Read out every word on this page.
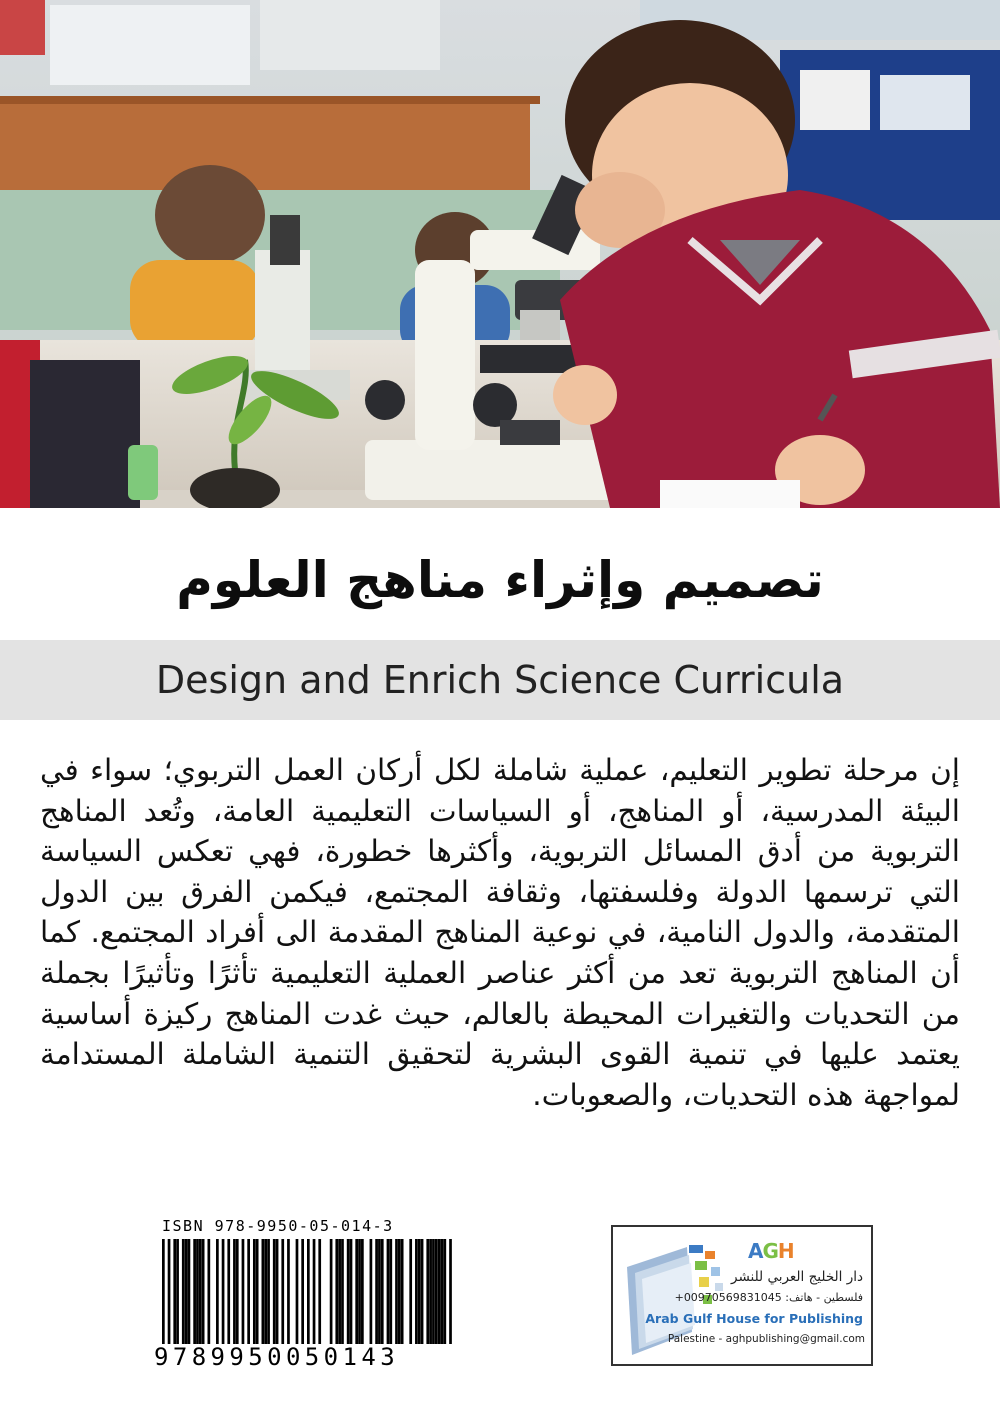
تصميم وإثراء مناهج العلوم
Design and Enrich Science Curricula

إن مرحلة تطوير التعليم، عملية شاملة لكل أركان العمل التربوي؛ سواء في البيئة المدرسية، أو المناهج، أو السياسات التعليمية العامة، وتُعد المناهج التربوية من أدق المسائل التربوية، وأكثرها خطورة، فهي تعكس السياسة التي ترسمها الدولة وفلسفتها، وثقافة المجتمع، فيكمن الفرق بين الدول المتقدمة، والدول النامية، في نوعية المناهج المقدمة الى أفراد المجتمع. كما أن المناهج التربوية تعد من أكثر عناصر العملية التعليمية تأثرًا وتأثيرًا بجملة من التحديات والتغيرات المحيطة بالعالم، حيث غدت المناهج ركيزة أساسية يعتمد عليها في تنمية القوى البشرية لتحقيق التنمية الشاملة المستدامة لمواجهة هذه التحديات، والصعوبات.

ISBN 978-9950-05-014-3
9789950050143
AGH
دار الخليج العربي للنشر
فلسطين - هاتف: 00970569831045+
Arab Gulf House for Publishing
Palestine - aghpublishing@gmail.com
